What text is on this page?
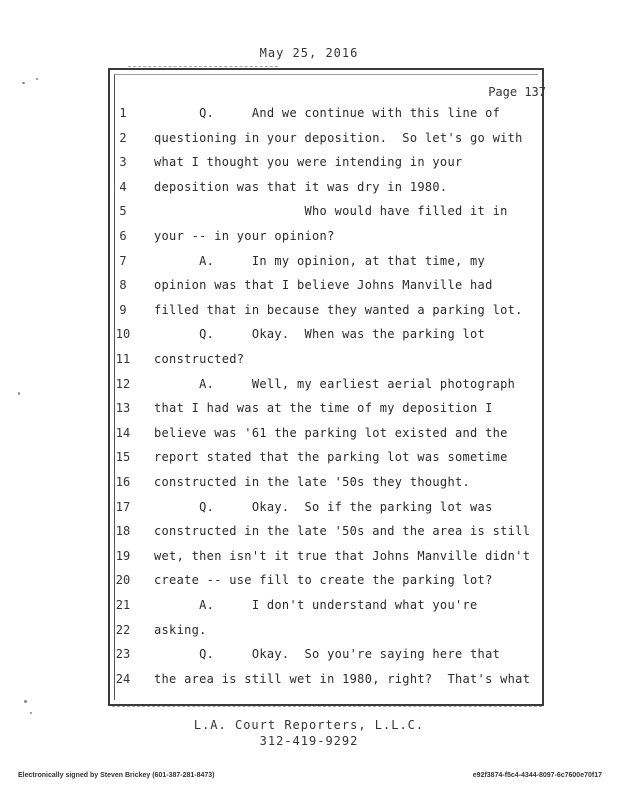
May 25, 2016
Page 137
1	Q.     And we continue with this line of
2	questioning in your deposition.  So let's go with
3	what I thought you were intending in your
4	deposition was that it was dry in 1980.
5	Who would have filled it in
6	your -- in your opinion?
7	A.     In my opinion, at that time, my
8	opinion was that I believe Johns Manville had
9	filled that in because they wanted a parking lot.
10	Q.     Okay.  When was the parking lot
11	constructed?
12	A.     Well, my earliest aerial photograph
13	that I had was at the time of my deposition I
14	believe was '61 the parking lot existed and the
15	report stated that the parking lot was sometime
16	constructed in the late '50s they thought.
17	Q.     Okay.  So if the parking lot was
18	constructed in the late '50s and the area is still
19	wet, then isn't it true that Johns Manville didn't
20	create -- use fill to create the parking lot?
21	A.     I don't understand what you're
22	asking.
23	Q.     Okay.  So you're saying here that
24	the area is still wet in 1980, right?  That's what
L.A. Court Reporters, L.L.C.
312-419-9292
Electronically signed by Steven Brickey (601-387-281-8473)	e92f3874-f5c4-4344-8097-6c7600e70f17
